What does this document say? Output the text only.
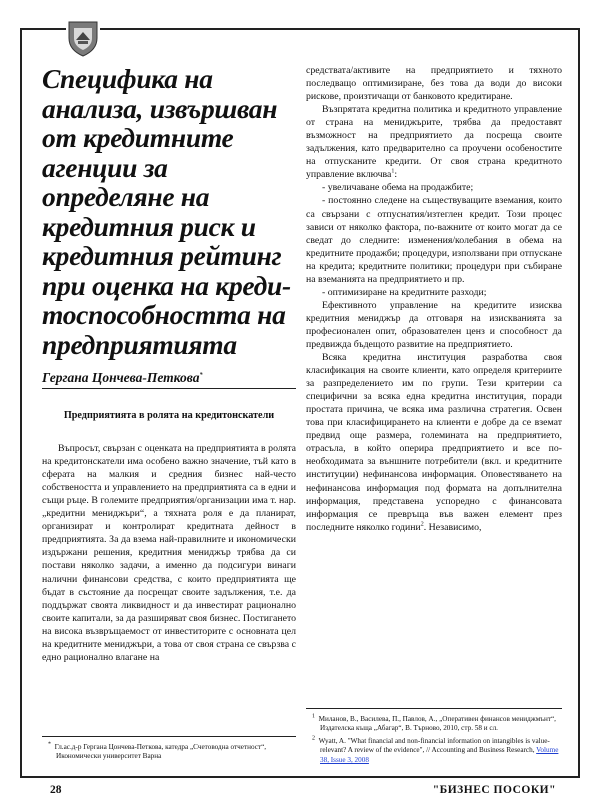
Специфика на анализа, извършван от кредитните агенции за определяне на кредитния риск и кредитния рейтинг при оценка на креди-тоспособността на предприятията
Гергана Цончева-Петкова*
Предприятията в ролята на кредитонскатели

Въпросът, свързан с оценката на предприятията в ролята на кредитонскатели има особено важно значение, тъй като в сферата на малкия и средния бизнес най-често собствеността и управлението на предприятията са в едни и същи ръце. В големите предприятия/организации има т. нар. „кредитни мениджъри“, а тяхната роля е да планират, организират и контролират кредитната дейност в предприятията. За да взема най-правилните и икономически издържани решения, кредитния мениджър трябва да си постави няколко задачи, а именно да подсигури винаги налични финансови средства, с които предприятията ще бъдат в състояние да посрещат своите задължения, т.е. да поддържат своята ликвидност и да инвестират рационално своите капитали, за да разширяват своя бизнес. Постигането на висока възвръщаемост от инвеститорите с основната цел на кредитните мениджъри, а това от своя страна се свързва с едно рационално влагане на

средствата/активите на предприятието и тяхното последващо оптимизиране, без това да води до високи рискове, произтичащи от банковото кредитиране.

Възпрятата кредитна политика и кредитното управление от страна на мениджърите, трябва да предоставят възможност на предприятието да посреща своите задължения, като предварително са проучени особеностите на отпусканите кредити. От своя страна кредитното управление включва$^1$:

- увеличаване обема на продажбите;

- постоянно следене на съществуващите вземания, които са свързани с отпуснатия/изтеглен кредит. Този процес зависи от няколко фактора, по-важните от които могат да се сведат до следните: изменения/колебания в обема на кредитните продажби; процедури, използвани при отпускане на кредита; кредитните политики; процедури при събиране на вземанията на предприятието и пр.

- оптимизиране на кредитните разходи;

Ефективното управление на кредитите изисква кредитния мениджър да отговаря на изискванията за професионален опит, образователен ценз и способност да предвижда бъдещото развитие на предприятието.

Всяка кредитна институция разработва своя класификация на своите клиенти, като определя критериите за разпределението им по групи. Тези критерии са специфични за всяка една кредитна институция, поради простата причина, че всяка има различна стратегия. Освен това при класифицирането на клиенти е добре да се вземат предвид още размера, големината на предприятието, отрасъла, в който оперира предприятието и все по-необходимата за външните потребители (вкл. и кредитните институции) нефинансова информация. Оповестяването на нефинансова информация под формата на допълнителна информация, представена успоредно с финансовата информация се превръща във важен елемент през последните няколко години$^2$. Независимо,

* Гл.ас.д-р Гергана Цончева-Петкова, катедра „Счетоводна отчетност“, Икономически университет Варна
$^1$ Миланов, В., Василева, П., Павлов, А., „Оперативен финансов мениджмънт“, Издателска къща „Абагар“, В. Търново, 2010, стр. 58 и сл.
$^2$ Wyatt, A. "What financial and non-financial information on intangibles is value-relevant? A review of the evidence", // Accounting and Business Research, Volume 38, Issue 3, 2008
28	"БИЗНЕС ПОСОКИ"
